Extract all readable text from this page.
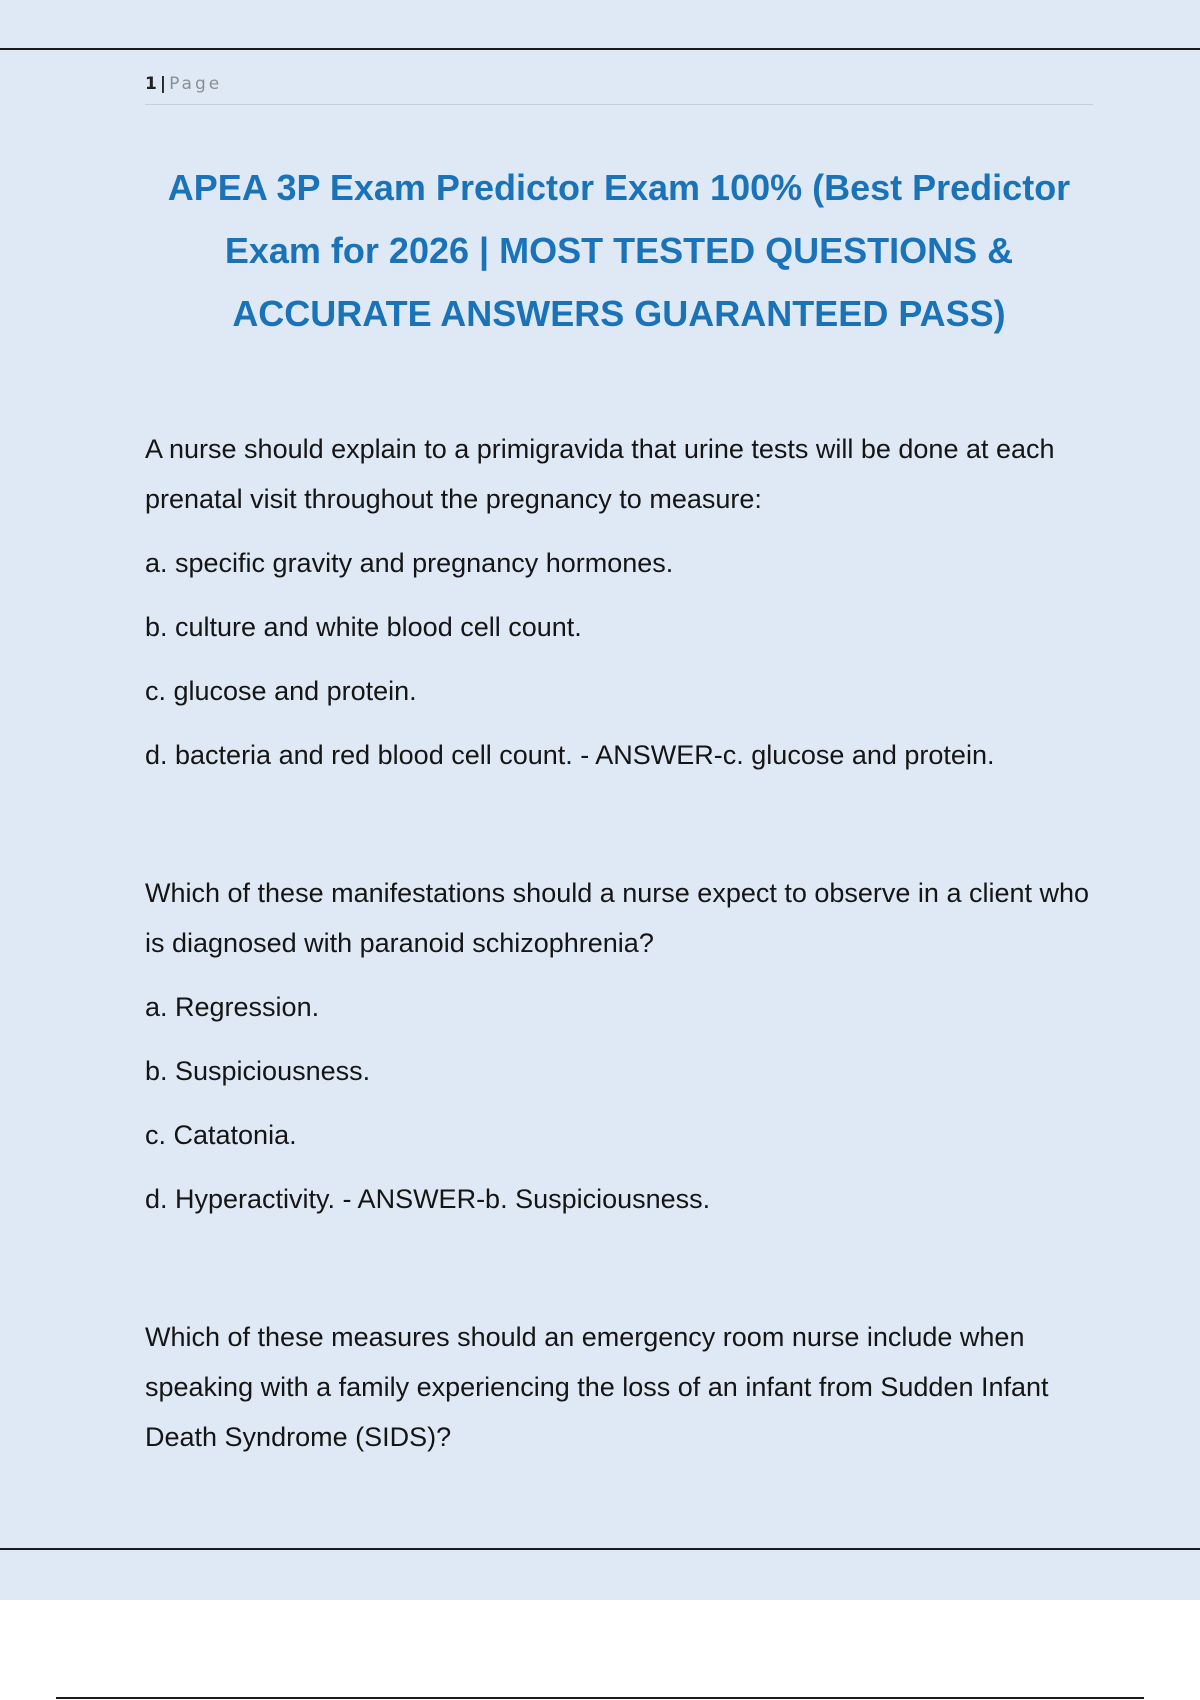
1 | Page
APEA 3P Exam Predictor Exam 100% (Best Predictor Exam for 2026 | MOST TESTED QUESTIONS & ACCURATE ANSWERS GUARANTEED PASS)

A nurse should explain to a primigravida that urine tests will be done at each prenatal visit throughout the pregnancy to measure:

a. specific gravity and pregnancy hormones.

b. culture and white blood cell count.

c. glucose and protein.

d. bacteria and red blood cell count. - ANSWER-c. glucose and protein.

Which of these manifestations should a nurse expect to observe in a client who is diagnosed with paranoid schizophrenia?

a. Regression.

b. Suspiciousness.

c. Catatonia.

d. Hyperactivity. - ANSWER-b. Suspiciousness.

Which of these measures should an emergency room nurse include when speaking with a family experiencing the loss of an infant from Sudden Infant Death Syndrome (SIDS)?
